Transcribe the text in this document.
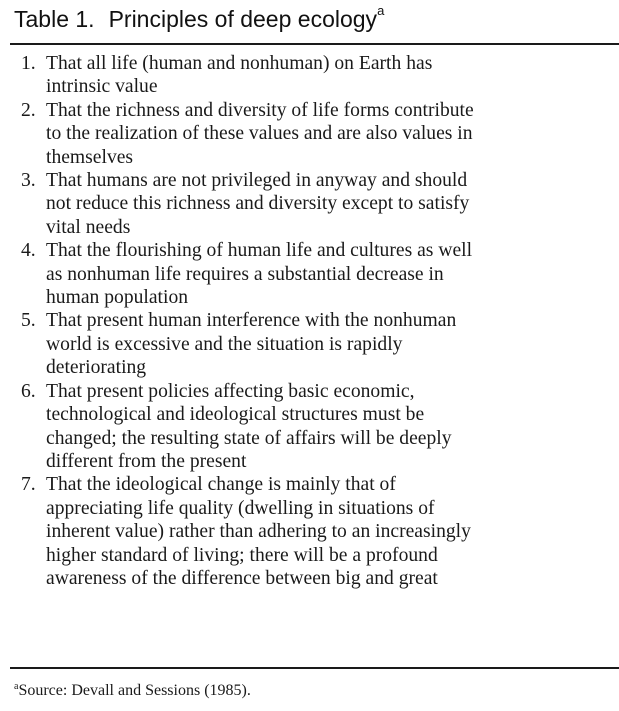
Table 1. Principles of deep ecology$^a$
1. That all life (human and nonhuman) on Earth has
intrinsic value
2. That the richness and diversity of life forms contribute
to the realization of these values and are also values in
themselves
3. That humans are not privileged in anyway and should
not reduce this richness and diversity except to satisfy
vital needs
4. That the flourishing of human life and cultures as well
as nonhuman life requires a substantial decrease in
human population
5. That present human interference with the nonhuman
world is excessive and the situation is rapidly
deteriorating
6. That present policies affecting basic economic,
technological and ideological structures must be
changed; the resulting state of affairs will be deeply
different from the present
7. That the ideological change is mainly that of
appreciating life quality (dwelling in situations of
inherent value) rather than adhering to an increasingly
higher standard of living; there will be a profound
awareness of the difference between big and great
$^a$Source: Devall and Sessions (1985).
